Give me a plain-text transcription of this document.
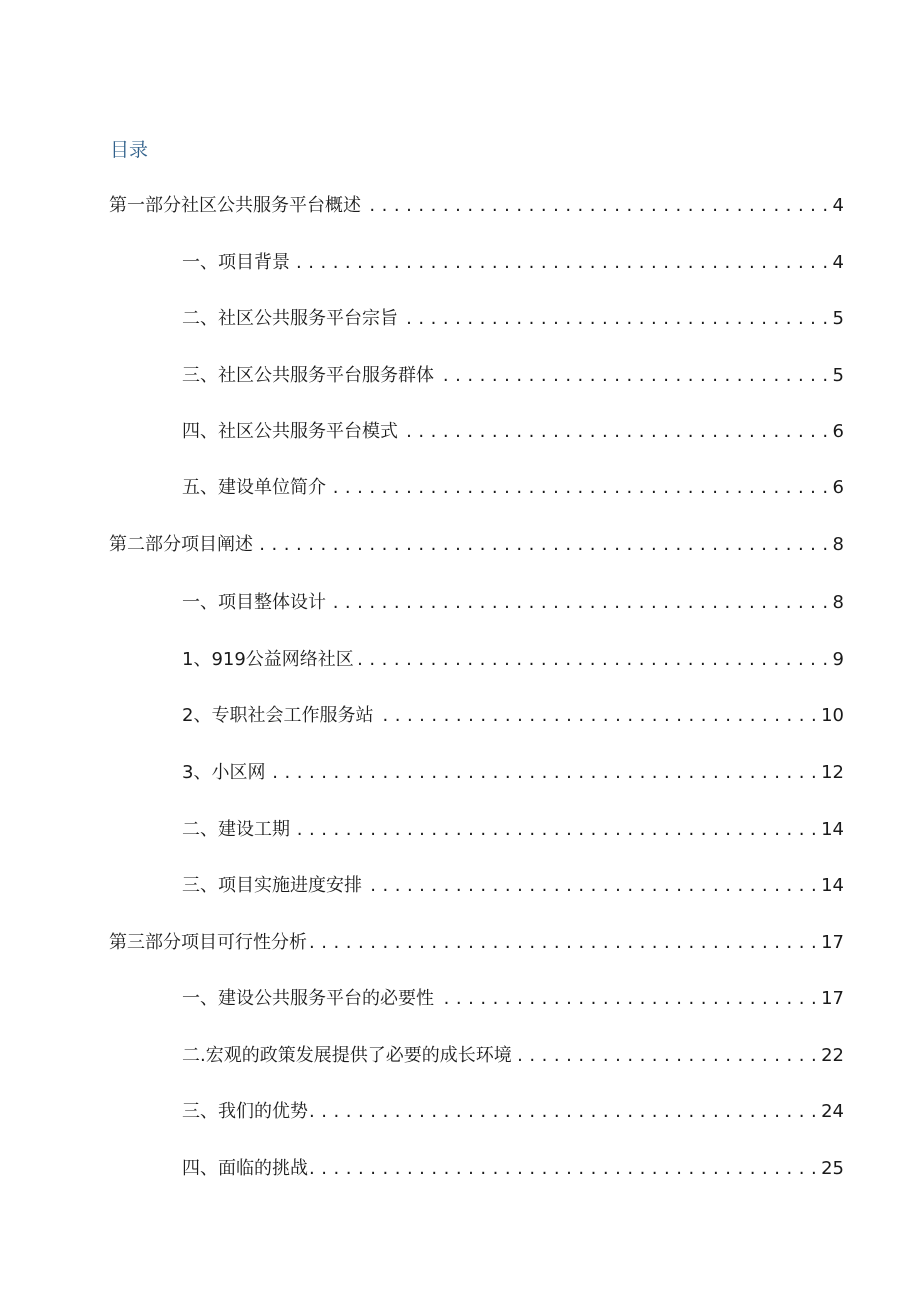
目录
第一部分社区公共服务平台概述 . . .	4
一、项目背景 . . .	4
二、社区公共服务平台宗旨 . . .	5
三、社区公共服务平台服务群体 . . .	5
四、社区公共服务平台模式 . . .	6
五、建设单位简介 . . .	6
第二部分项目阐述 . . .	8
一、项目整体设计 . . .	8
1、919公益网络社区 . . .	9
2、专职社会工作服务站 . . .	10
3、小区网 . . .	12
二、建设工期 . . .	14
三、项目实施进度安排 . . .	14
第三部分项目可行性分析 . . .	17
一、建设公共服务平台的必要性 . . .	17
二.宏观的政策发展提供了必要的成长环境 . . .	22
三、我们的优势 . . .	24
四、面临的挑战 . . .	25
